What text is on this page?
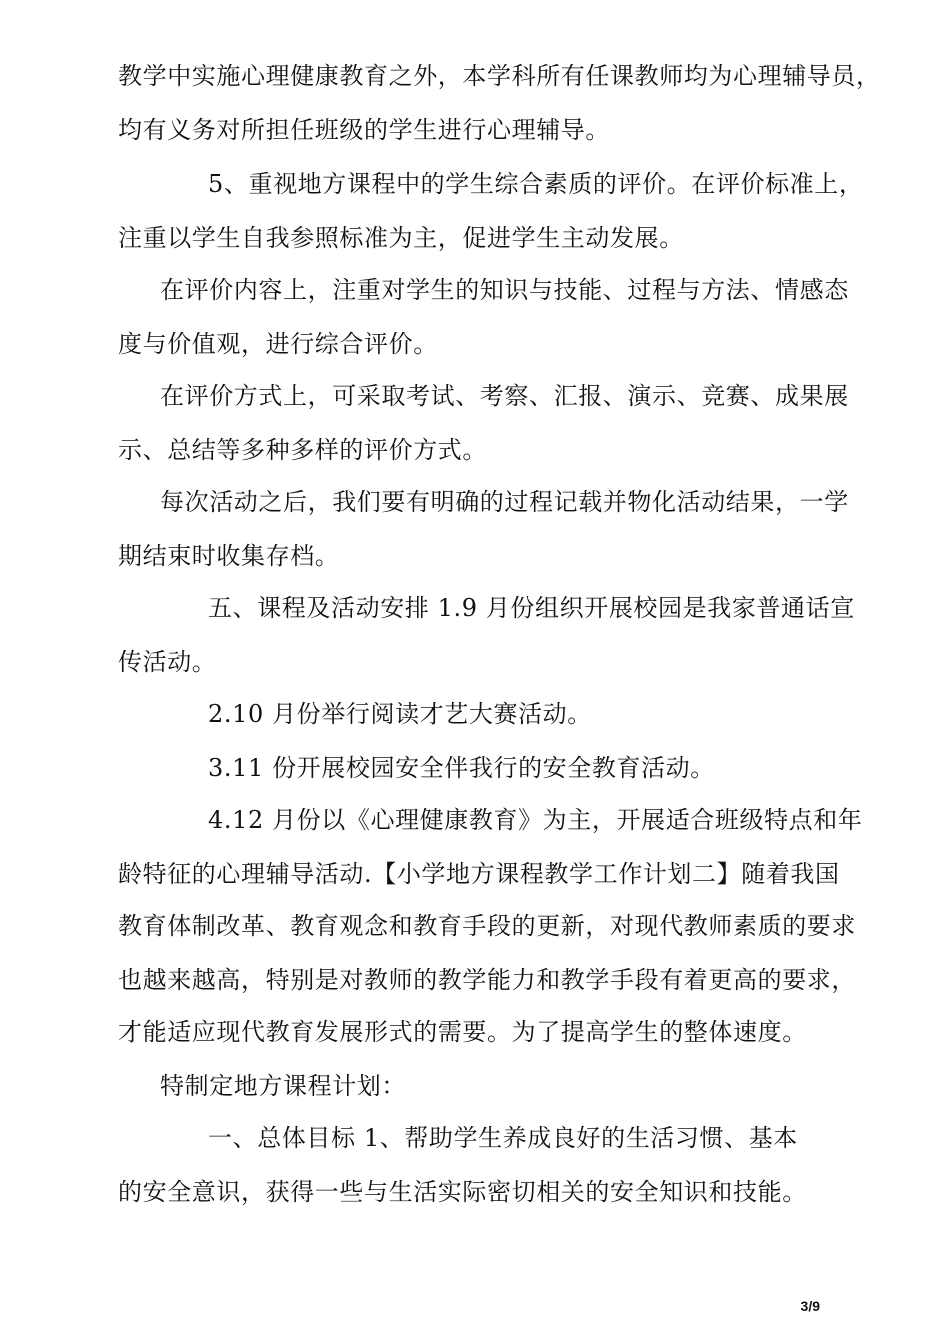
教学中实施心理健康教育之外，本学科所有任课教师均为心理辅导员，
均有义务对所担任班级的学生进行心理辅导。
5、重视地方课程中的学生综合素质的评价。在评价标准上，
注重以学生自我参照标准为主，促进学生主动发展。
在评价内容上，注重对学生的知识与技能、过程与方法、情感态
度与价值观，进行综合评价。
在评价方式上，可采取考试、考察、汇报、演示、竞赛、成果展
示、总结等多种多样的评价方式。
每次活动之后，我们要有明确的过程记载并物化活动结果，一学
期结束时收集存档。
五、课程及活动安排 1.9 月份组织开展校园是我家普通话宣
传活动。
2.10 月份举行阅读才艺大赛活动。
3.11 份开展校园安全伴我行的安全教育活动。
4.12 月份以《心理健康教育》为主，开展适合班级特点和年
龄特征的心理辅导活动.【小学地方课程教学工作计划二】随着我国
教育体制改革、教育观念和教育手段的更新，对现代教师素质的要求
也越来越高，特别是对教师的教学能力和教学手段有着更高的要求，
才能适应现代教育发展形式的需要。为了提高学生的整体速度。
特制定地方课程计划：
一、总体目标 1、帮助学生养成良好的生活习惯、基本
的安全意识，获得一些与生活实际密切相关的安全知识和技能。
3/9
